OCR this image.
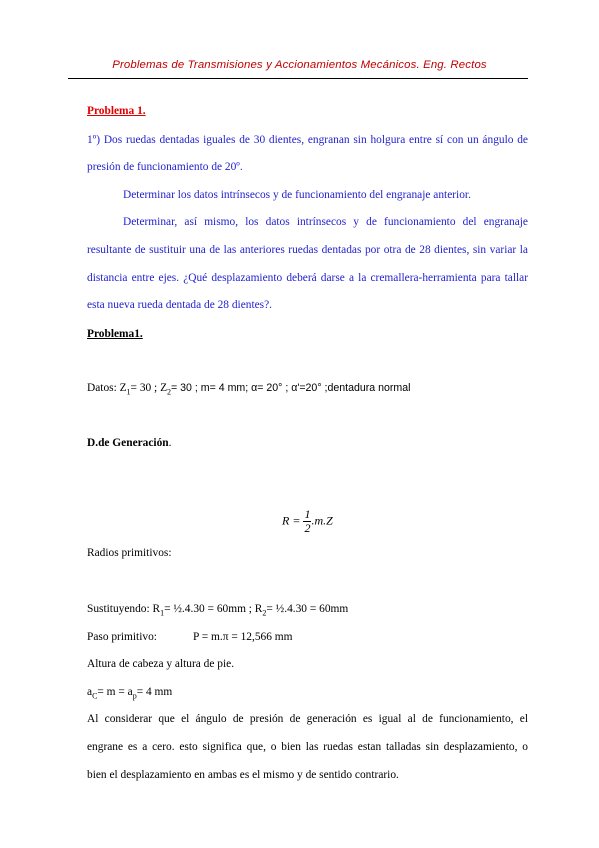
Problemas de Transmisiones y Accionamientos Mecánicos. Eng. Rectos
Problema 1.
1º) Dos ruedas dentadas iguales de 30 dientes, engranan sin holgura entre sí con un ángulo de
presión de funcionamiento de 20º.
Determinar los datos intrínsecos y de funcionamiento del engranaje anterior.
Determinar, así mismo, los datos intrínsecos y de funcionamiento del engranaje
resultante de sustituir una de las anteriores ruedas dentadas por otra de 28 dientes, sin variar la
distancia entre ejes. ¿Qué desplazamiento deberá darse a la cremallera-herramienta para tallar
esta nueva rueda dentada de 28 dientes?.
Problema1.
Datos: $Z_1= 30$ ; $Z_2= 30$ ; m= 4 mm; α= 20° ; α'=20° ;dentadura normal
D.de Generación.
$R = \frac{1}{2} .m.Z$
Radios primitivos:
Sustituyendo: $R_1=$ ½.4.30 = 60mm ; $R_2=$ ½.4.30 = 60mm
Paso primitivo:	P = m.π = 12,566 mm
Altura de cabeza y altura de pie.
$a_C= m = a_p= 4$ mm
Al considerar que el ángulo de presión de generación es igual al de funcionamiento, el
engrane es a cero. esto significa que, o bien las ruedas estan talladas sin desplazamiento, o
bien el desplazamiento en ambas es el mismo y de sentido contrario.
